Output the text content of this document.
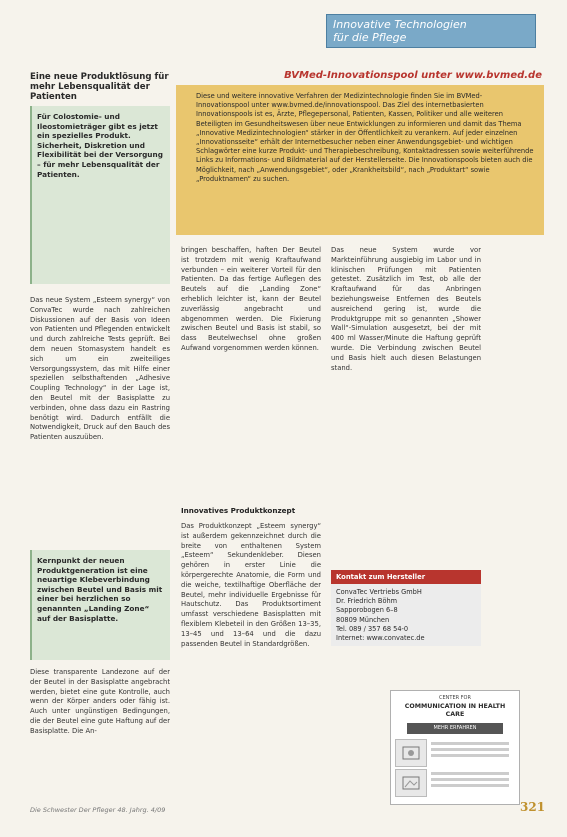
Innovative Technologien
für die Pflege
Eine neue Produktlösung für mehr Lebensqualität der Patienten
Für Colostomie- und Ileostomieträger gibt es jetzt ein spezielles Produkt. Sicherheit, Diskretion und Flexibilität bei der Versorgung – für mehr Lebensqualität der Patienten.
BVMed-Innovationspool unter www.bvmed.de
Diese und weitere innovative Verfahren der Medizintechnologie finden Sie im BVMed-Innovationspool unter www.bvmed.de/innovationspool. Das Ziel des internetbasierten Innovationspools ist es, Ärzte, Pflegepersonal, Patienten, Kassen, Politiker und alle weiteren Beteiligten im Gesundheitswesen über neue Entwicklungen zu informieren und damit das Thema „Innovative Medizintechnologien“ stärker in der Öffentlichkeit zu verankern. Auf jeder einzelnen „Innovationsseite“ erhält der Internetbesucher neben einer Anwendungsgebiet- und wichtigen Schlagwörter eine kurze Produkt- und Therapiebeschreibung, Kontaktadressen sowie weiterführende Links zu Informations- und Bildmaterial auf der Herstellerseite. Die Innovationspools bieten auch die Möglichkeit, nach „Anwendungsgebiet“, oder „Krankheitsbild“, nach „Produktart“ sowie „Produktnamen“ zu suchen.
Das neue System „Esteem synergy“ von ConvaTec wurde nach zahlreichen Diskussionen auf der Basis von Ideen von Patienten und Pflegenden entwickelt und durch zahlreiche Tests geprüft. Bei dem neuen Stomasystem handelt es sich um ein zweiteiliges Versorgungssystem, das mit Hilfe einer speziellen selbsthaftenden „Adhesive Coupling Technology“ in der Lage ist, den Beutel mit der Basisplatte zu verbinden, ohne dass dazu ein Rastring benötigt wird. Dadurch entfällt die Notwendigkeit, Druck auf den Bauch des Patienten auszuüben.
Kernpunkt der neuen Produktgeneration ist eine neuartige Klebeverbindung zwischen Beutel und Basis mit einer bei herzlichen so genannten „Landing Zone“ auf der Basisplatte.
Diese transparente Landezone auf der der Beutel in der Basisplatte angebracht werden, bietet eine gute Kontrolle, auch wenn der Körper anders oder fähig ist. Auch unter ungünstigen Bedingungen, die der Beutel eine gute Haftung auf der Basisplatte. Die An-
bringen beschaffen, haften Der Beutel ist trotzdem mit wenig Kraftaufwand verbunden – ein weiterer Vorteil für den Patienten. Da das fertige Auflegen des Beutels auf die „Landing Zone“ erheblich leichter ist, kann der Beutel zuverlässig angebracht und abgenommen werden. Die Fixierung zwischen Beutel und Basis ist stabil, so dass Beutelwechsel ohne großen Aufwand vorgenommen werden können.
Innovatives Produktkonzept
Das Produktkonzept „Esteem synergy“ ist außerdem gekennzeichnet durch die breite von enthaltenen System „Esteem“ Sekundenkleber. Diesen gehören in erster Linie die körpergerechte Anatomie, die Form und die weiche, textilhaftige Oberfläche der Beutel, mehr individuelle Ergebnisse für Hautschutz. Das Produktsortiment umfasst verschiedene Basisplatten mit flexiblem Klebeteil in den Größen 13–35, 13–45 und 13–64 und die dazu passenden Beutel in Standardgrößen.
Das neue System wurde vor Markteinführung ausgiebig im Labor und in klinischen Prüfungen mit Patienten getestet. Zusätzlich im Test, ob alle der Kraftaufwand für das Anbringen beziehungsweise Entfernen des Beutels ausreichend gering ist, wurde die Produktgruppe mit so genannten „Shower Wall“-Simulation ausgesetzt, bei der mit 400 ml Wasser/Minute die Haftung geprüft wurde. Die Verbindung zwischen Beutel und Basis hielt auch diesen Belastungen stand.
Kontakt zum Hersteller
ConvaTec Vertriebs GmbH
Dr. Friedrich Böhm
Sapporobogen 6–8
80809 München
Tel. 089 / 357 68 54-0
Internet: www.convatec.de
CENTER FOR
COMMUNICATION IN HEALTH CARE
MEHR ERFAHREN
Die Schwester Der Pfleger 48. Jahrg. 4/09	321
